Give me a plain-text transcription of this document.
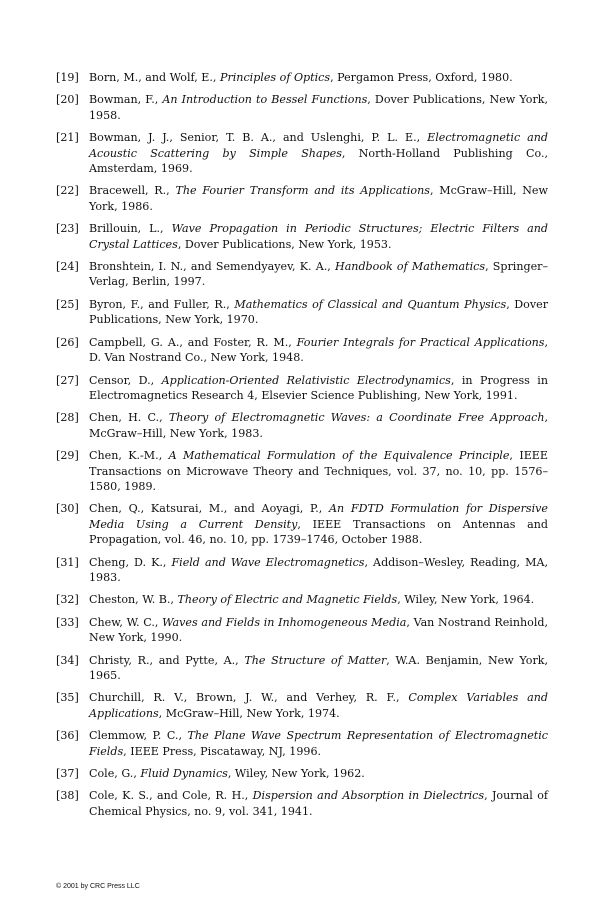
[19] Born, M., and Wolf, E., Principles of Optics, Pergamon Press, Oxford, 1980.
[20] Bowman, F., An Introduction to Bessel Functions, Dover Publications, New York, 1958.
[21] Bowman, J. J., Senior, T. B. A., and Uslenghi, P. L. E., Electromagnetic and Acoustic Scattering by Simple Shapes, North-Holland Publishing Co., Amsterdam, 1969.
[22] Bracewell, R., The Fourier Transform and its Applications, McGraw–Hill, New York, 1986.
[23] Brillouin, L., Wave Propagation in Periodic Structures; Electric Filters and Crystal Lattices, Dover Publications, New York, 1953.
[24] Bronshtein, I. N., and Semendyayev, K. A., Handbook of Mathematics, Springer–Verlag, Berlin, 1997.
[25] Byron, F., and Fuller, R., Mathematics of Classical and Quantum Physics, Dover Publications, New York, 1970.
[26] Campbell, G. A., and Foster, R. M., Fourier Integrals for Practical Applications, D. Van Nostrand Co., New York, 1948.
[27] Censor, D., Application-Oriented Relativistic Electrodynamics, in Progress in Electromagnetics Research 4, Elsevier Science Publishing, New York, 1991.
[28] Chen, H. C., Theory of Electromagnetic Waves: a Coordinate Free Approach, McGraw–Hill, New York, 1983.
[29] Chen, K.-M., A Mathematical Formulation of the Equivalence Principle, IEEE Transactions on Microwave Theory and Techniques, vol. 37, no. 10, pp. 1576–1580, 1989.
[30] Chen, Q., Katsurai, M., and Aoyagi, P., An FDTD Formulation for Dispersive Media Using a Current Density, IEEE Transactions on Antennas and Propagation, vol. 46, no. 10, pp. 1739–1746, October 1988.
[31] Cheng, D. K., Field and Wave Electromagnetics, Addison–Wesley, Reading, MA, 1983.
[32] Cheston, W. B., Theory of Electric and Magnetic Fields, Wiley, New York, 1964.
[33] Chew, W. C., Waves and Fields in Inhomogeneous Media, Van Nostrand Reinhold, New York, 1990.
[34] Christy, R., and Pytte, A., The Structure of Matter, W.A. Benjamin, New York, 1965.
[35] Churchill, R. V., Brown, J. W., and Verhey, R. F., Complex Variables and Applications, McGraw–Hill, New York, 1974.
[36] Clemmow, P. C., The Plane Wave Spectrum Representation of Electromagnetic Fields, IEEE Press, Piscataway, NJ, 1996.
[37] Cole, G., Fluid Dynamics, Wiley, New York, 1962.
[38] Cole, K. S., and Cole, R. H., Dispersion and Absorption in Dielectrics, Journal of Chemical Physics, no. 9, vol. 341, 1941.
© 2001 by CRC Press LLC
